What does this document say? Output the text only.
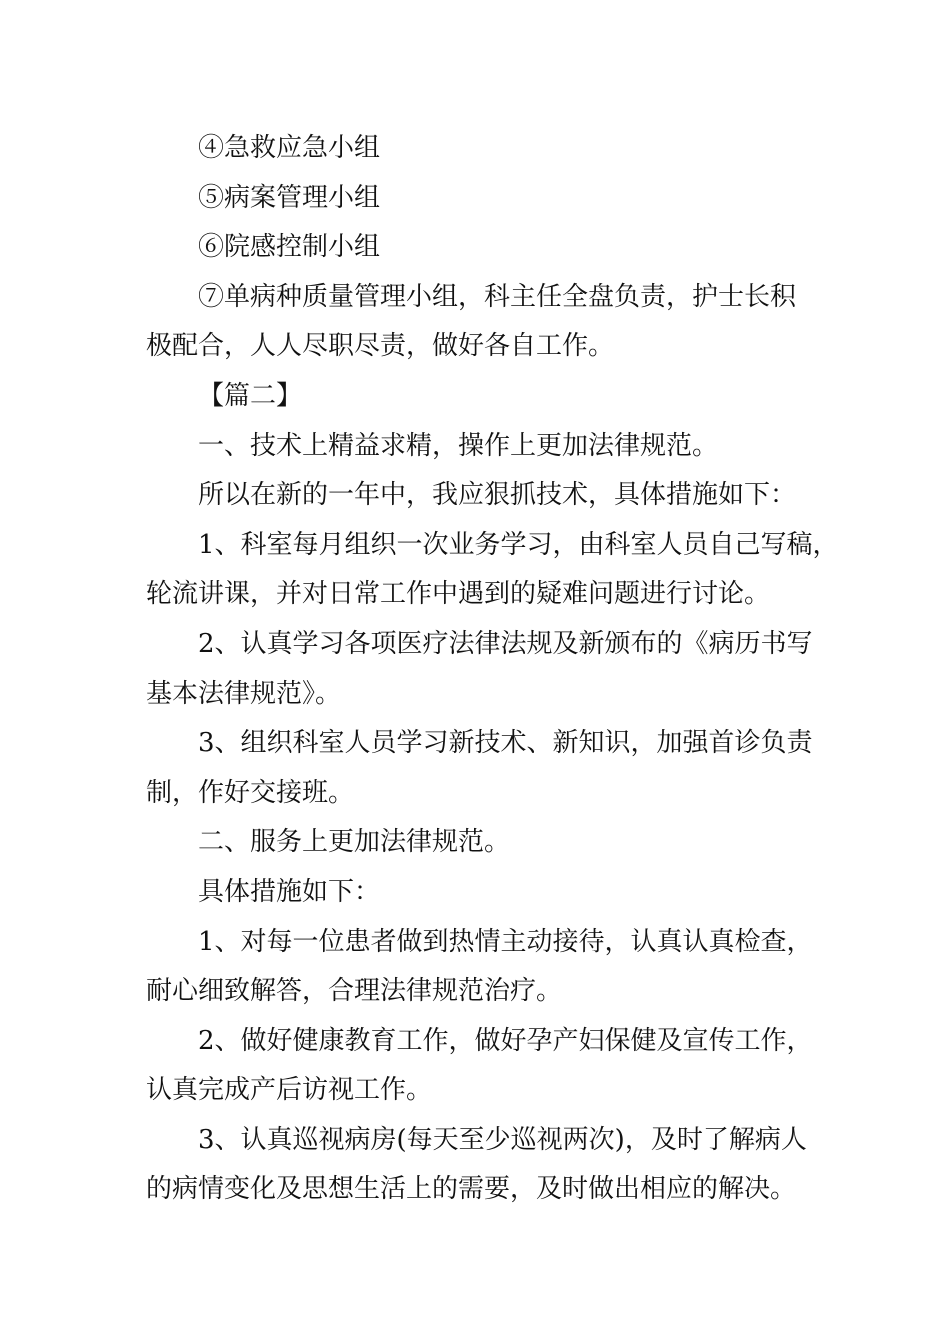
④急救应急小组
⑤病案管理小组
⑥院感控制小组
⑦单病种质量管理小组，科主任全盘负责，护士长积
极配合，人人尽职尽责，做好各自工作。
【篇二】
一、技术上精益求精，操作上更加法律规范。
所以在新的一年中，我应狠抓技术，具体措施如下：
1、科室每月组织一次业务学习，由科室人员自己写稿，
轮流讲课，并对日常工作中遇到的疑难问题进行讨论。
2、认真学习各项医疗法律法规及新颁布的《病历书写
基本法律规范》。
3、组织科室人员学习新技术、新知识，加强首诊负责
制，作好交接班。
二、服务上更加法律规范。
具体措施如下：
1、对每一位患者做到热情主动接待，认真认真检查，
耐心细致解答，合理法律规范治疗。
2、做好健康教育工作，做好孕产妇保健及宣传工作，
认真完成产后访视工作。
3、认真巡视病房(每天至少巡视两次)，及时了解病人
的病情变化及思想生活上的需要，及时做出相应的解决。
